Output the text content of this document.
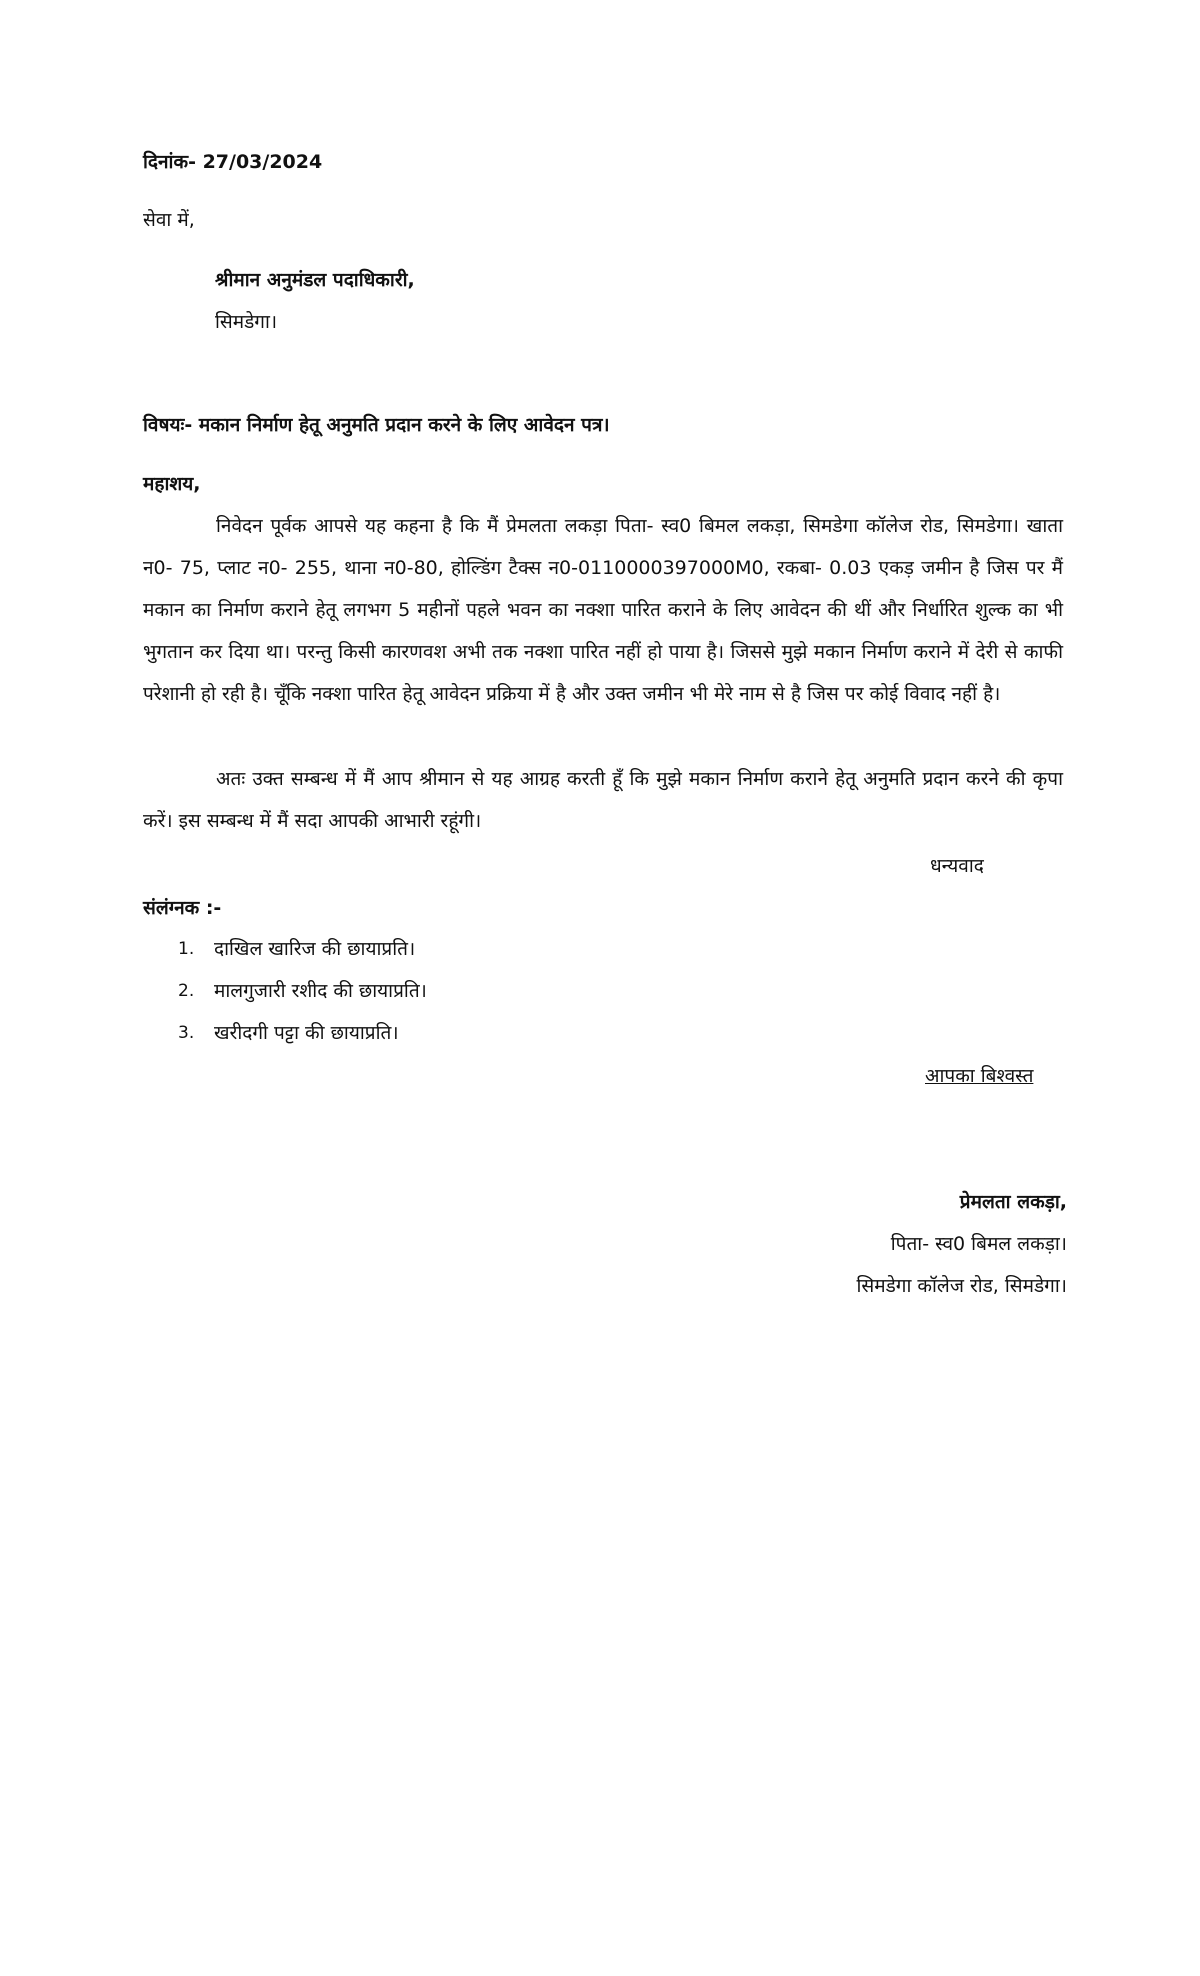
दिनांक- 27/03/2024
सेवा में,
श्रीमान अनुमंडल पदाधिकारी,
सिमडेगा।
विषयः- मकान निर्माण हेतू अनुमति प्रदान करने के लिए आवेदन पत्र।
महाशय,
निवेदन पूर्वक आपसे यह कहना है कि मैं प्रेमलता लकड़ा पिता- स्व0 बिमल लकड़ा, सिमडेगा कॉलेज रोड, सिमडेगा। खाता न0- 75, प्लाट न0- 255, थाना न0-80, होल्डिंग टैक्स न0-0110000397000M0, रकबा- 0.03 एकड़ जमीन है जिस पर मैं मकान का निर्माण कराने हेतू लगभग 5 महीनों पहले भवन का नक्शा पारित कराने के लिए आवेदन की थीं और निर्धारित शुल्क का भी भुगतान कर दिया था। परन्तु किसी कारणवश अभी तक नक्शा पारित नहीं हो पाया है। जिससे मुझे मकान निर्माण कराने में देरी से काफी परेशानी हो रही है। चूँकि नक्शा पारित हेतू आवेदन प्रक्रिया में है और उक्त जमीन भी मेरे नाम से है जिस पर कोई विवाद नहीं है।
अतः उक्त सम्बन्ध में मैं आप श्रीमान से यह आग्रह करती हूँ कि मुझे मकान निर्माण कराने हेतू अनुमति प्रदान करने की कृपा करें। इस सम्बन्ध में मैं सदा आपकी आभारी रहूंगी।
धन्यवाद
संलंग्नक :-
1. दाखिल खारिज की छायाप्रति।
2. मालगुजारी रशीद की छायाप्रति।
3. खरीदगी पट्टा की छायाप्रति।
आपका बिश्वस्त
प्रेमलता लकड़ा,
पिता- स्व0 बिमल लकड़ा।
सिमडेगा कॉलेज रोड, सिमडेगा।
